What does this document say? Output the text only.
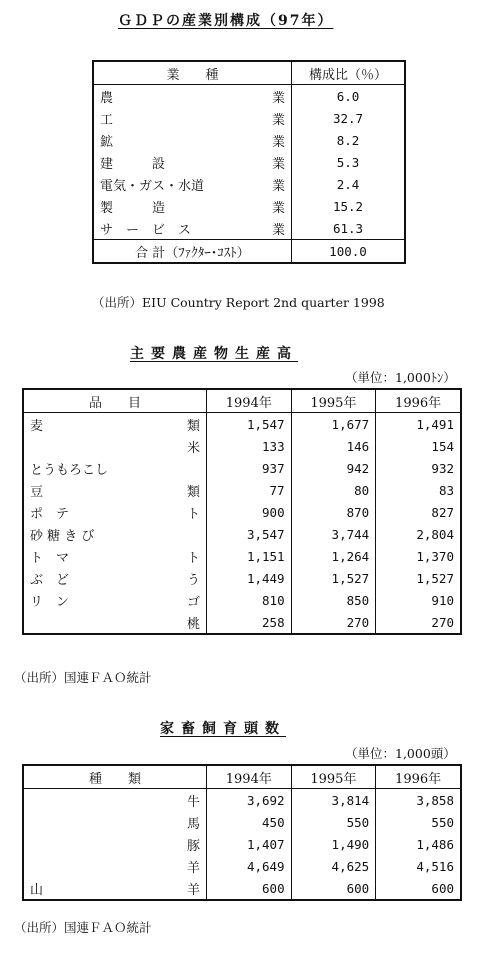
ＧＤＰの産業別構成（97年）
業　　種	構成比（％）

農 業	6.0

工 業	32.7

鉱 業	8.2

建　　　設 業	5.3

電気・ガス・水道 業	2.4

製　　　造 業	15.2

サ　ー　ビ　ス 業	61.3
合 計（ﾌｧｸﾀｰ･ｺｽﾄ）	100.0
（出所）EIU Country Report 2nd quarter 1998
主要農産物生産高
（単位：1,000ﾄﾝ）
品　　目	1994年	1995年	1996年

麦 類	1,547	1,677	1,491

米	133	146	154

とうもろこし	937	942	932

豆 類	77	80	83

ポ　テ ト	900	870	827

砂 糖 き び	3,547	3,744	2,804

ト　マ ト	1,151	1,264	1,370

ぶ　ど う	1,449	1,527	1,527

リ　ン ゴ	810	850	910

桃	258	270	270
（出所）国連ＦＡＯ統計
家畜飼育頭数
（単位：1,000頭）
種　　類	1994年	1995年	1996年

牛	3,692	3,814	3,858

馬	450	550	550

豚	1,407	1,490	1,486

羊	4,649	4,625	4,516

山 羊	600	600	600
（出所）国連ＦＡＯ統計
